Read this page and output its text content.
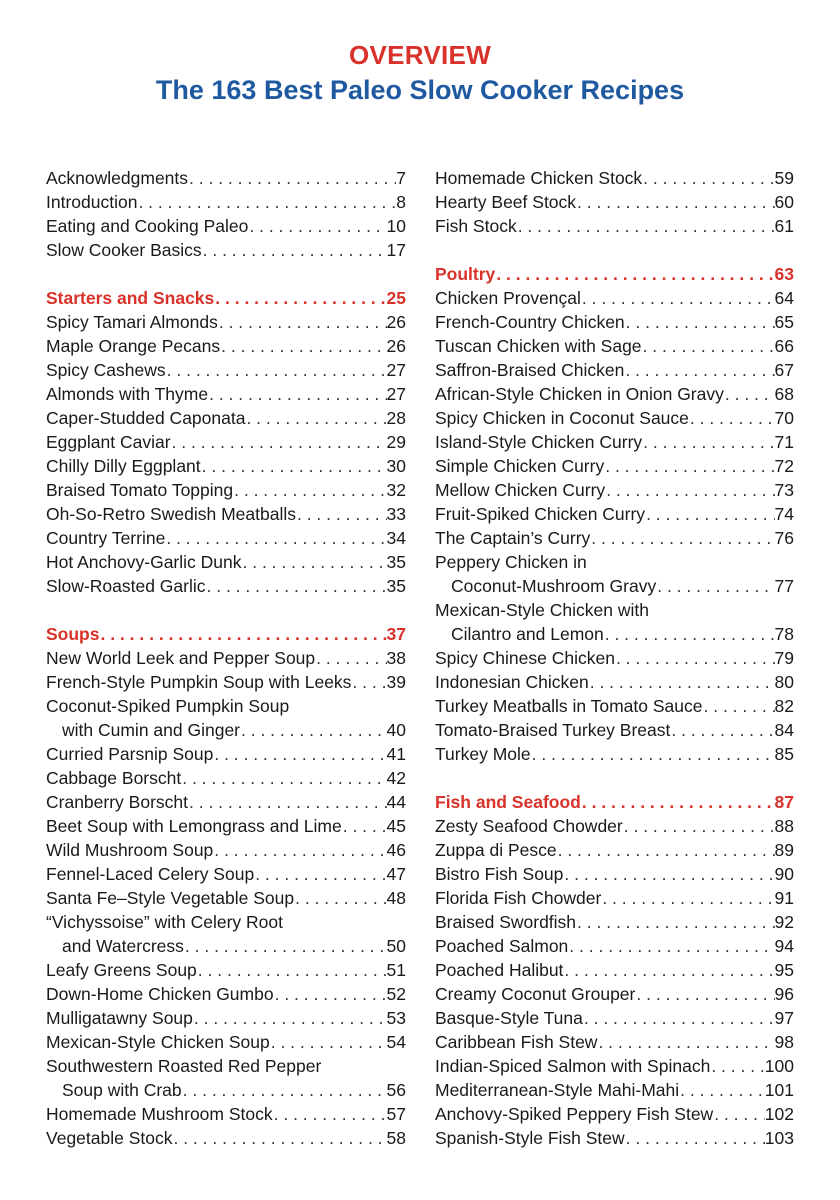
OVERVIEW
The 163 Best Paleo Slow Cooker Recipes
Acknowledgments . . .	7
Introduction . . .	8
Eating and Cooking Paleo . . .	10
Slow Cooker Basics . . .	17
Starters and Snacks . . .	25
Spicy Tamari Almonds . . .	26
Maple Orange Pecans . . .	26
Spicy Cashews . . .	27
Almonds with Thyme . . .	27
Caper-Studded Caponata . . .	28
Eggplant Caviar . . .	29
Chilly Dilly Eggplant . . .	30
Braised Tomato Topping . . .	32
Oh-So-Retro Swedish Meatballs . . .	33
Country Terrine . . .	34
Hot Anchovy-Garlic Dunk . . .	35
Slow-Roasted Garlic . . .	35
Soups . . .	37
New World Leek and Pepper Soup . . .	38
French-Style Pumpkin Soup with Leeks . . . 39
Coconut-Spiked Pumpkin Soup
with Cumin and Ginger . . .	40
Curried Parsnip Soup . . .	41
Cabbage Borscht . . .	42
Cranberry Borscht . . .	44
Beet Soup with Lemongrass and Lime . . .	45
Wild Mushroom Soup . . .	46
Fennel-Laced Celery Soup . . .	47
Santa Fe–Style Vegetable Soup . . .	48
“Vichyssoise” with Celery Root
and Watercress . . .	50
Leafy Greens Soup . . .	51
Down-Home Chicken Gumbo . . .	52
Mulligatawny Soup . . .	53
Mexican-Style Chicken Soup . . .	54
Southwestern Roasted Red Pepper
Soup with Crab . . .	56
Homemade Mushroom Stock . . .	57
Vegetable Stock . . .	58
Homemade Chicken Stock . . .	59
Hearty Beef Stock . . .	60
Fish Stock . . .	61
Poultry . . .	63
Chicken Provençal . . .	64
French-Country Chicken . . .	65
Tuscan Chicken with Sage . . .	66
Saffron-Braised Chicken . . .	67
African-Style Chicken in Onion Gravy . . .	68
Spicy Chicken in Coconut Sauce . . .	70
Island-Style Chicken Curry . . .	71
Simple Chicken Curry . . .	72
Mellow Chicken Curry . . .	73
Fruit-Spiked Chicken Curry . . .	74
The Captain’s Curry . . .	76
Peppery Chicken in
Coconut-Mushroom Gravy . . .	77
Mexican-Style Chicken with
Cilantro and Lemon . . .	78
Spicy Chinese Chicken . . .	79
Indonesian Chicken . . .	80
Turkey Meatballs in Tomato Sauce . . .	82
Tomato-Braised Turkey Breast . . .	84
Turkey Mole . . .	85
Fish and Seafood . . .	87
Zesty Seafood Chowder . . .	88
Zuppa di Pesce . . .	89
Bistro Fish Soup . . .	90
Florida Fish Chowder . . .	91
Braised Swordfish . . .	92
Poached Salmon . . .	94
Poached Halibut . . .	95
Creamy Coconut Grouper . . .	96
Basque-Style Tuna . . .	97
Caribbean Fish Stew . . .	98
Indian-Spiced Salmon with Spinach . . .	100
Mediterranean-Style Mahi-Mahi . . .	101
Anchovy-Spiked Peppery Fish Stew . . .	102
Spanish-Style Fish Stew . . .	103
